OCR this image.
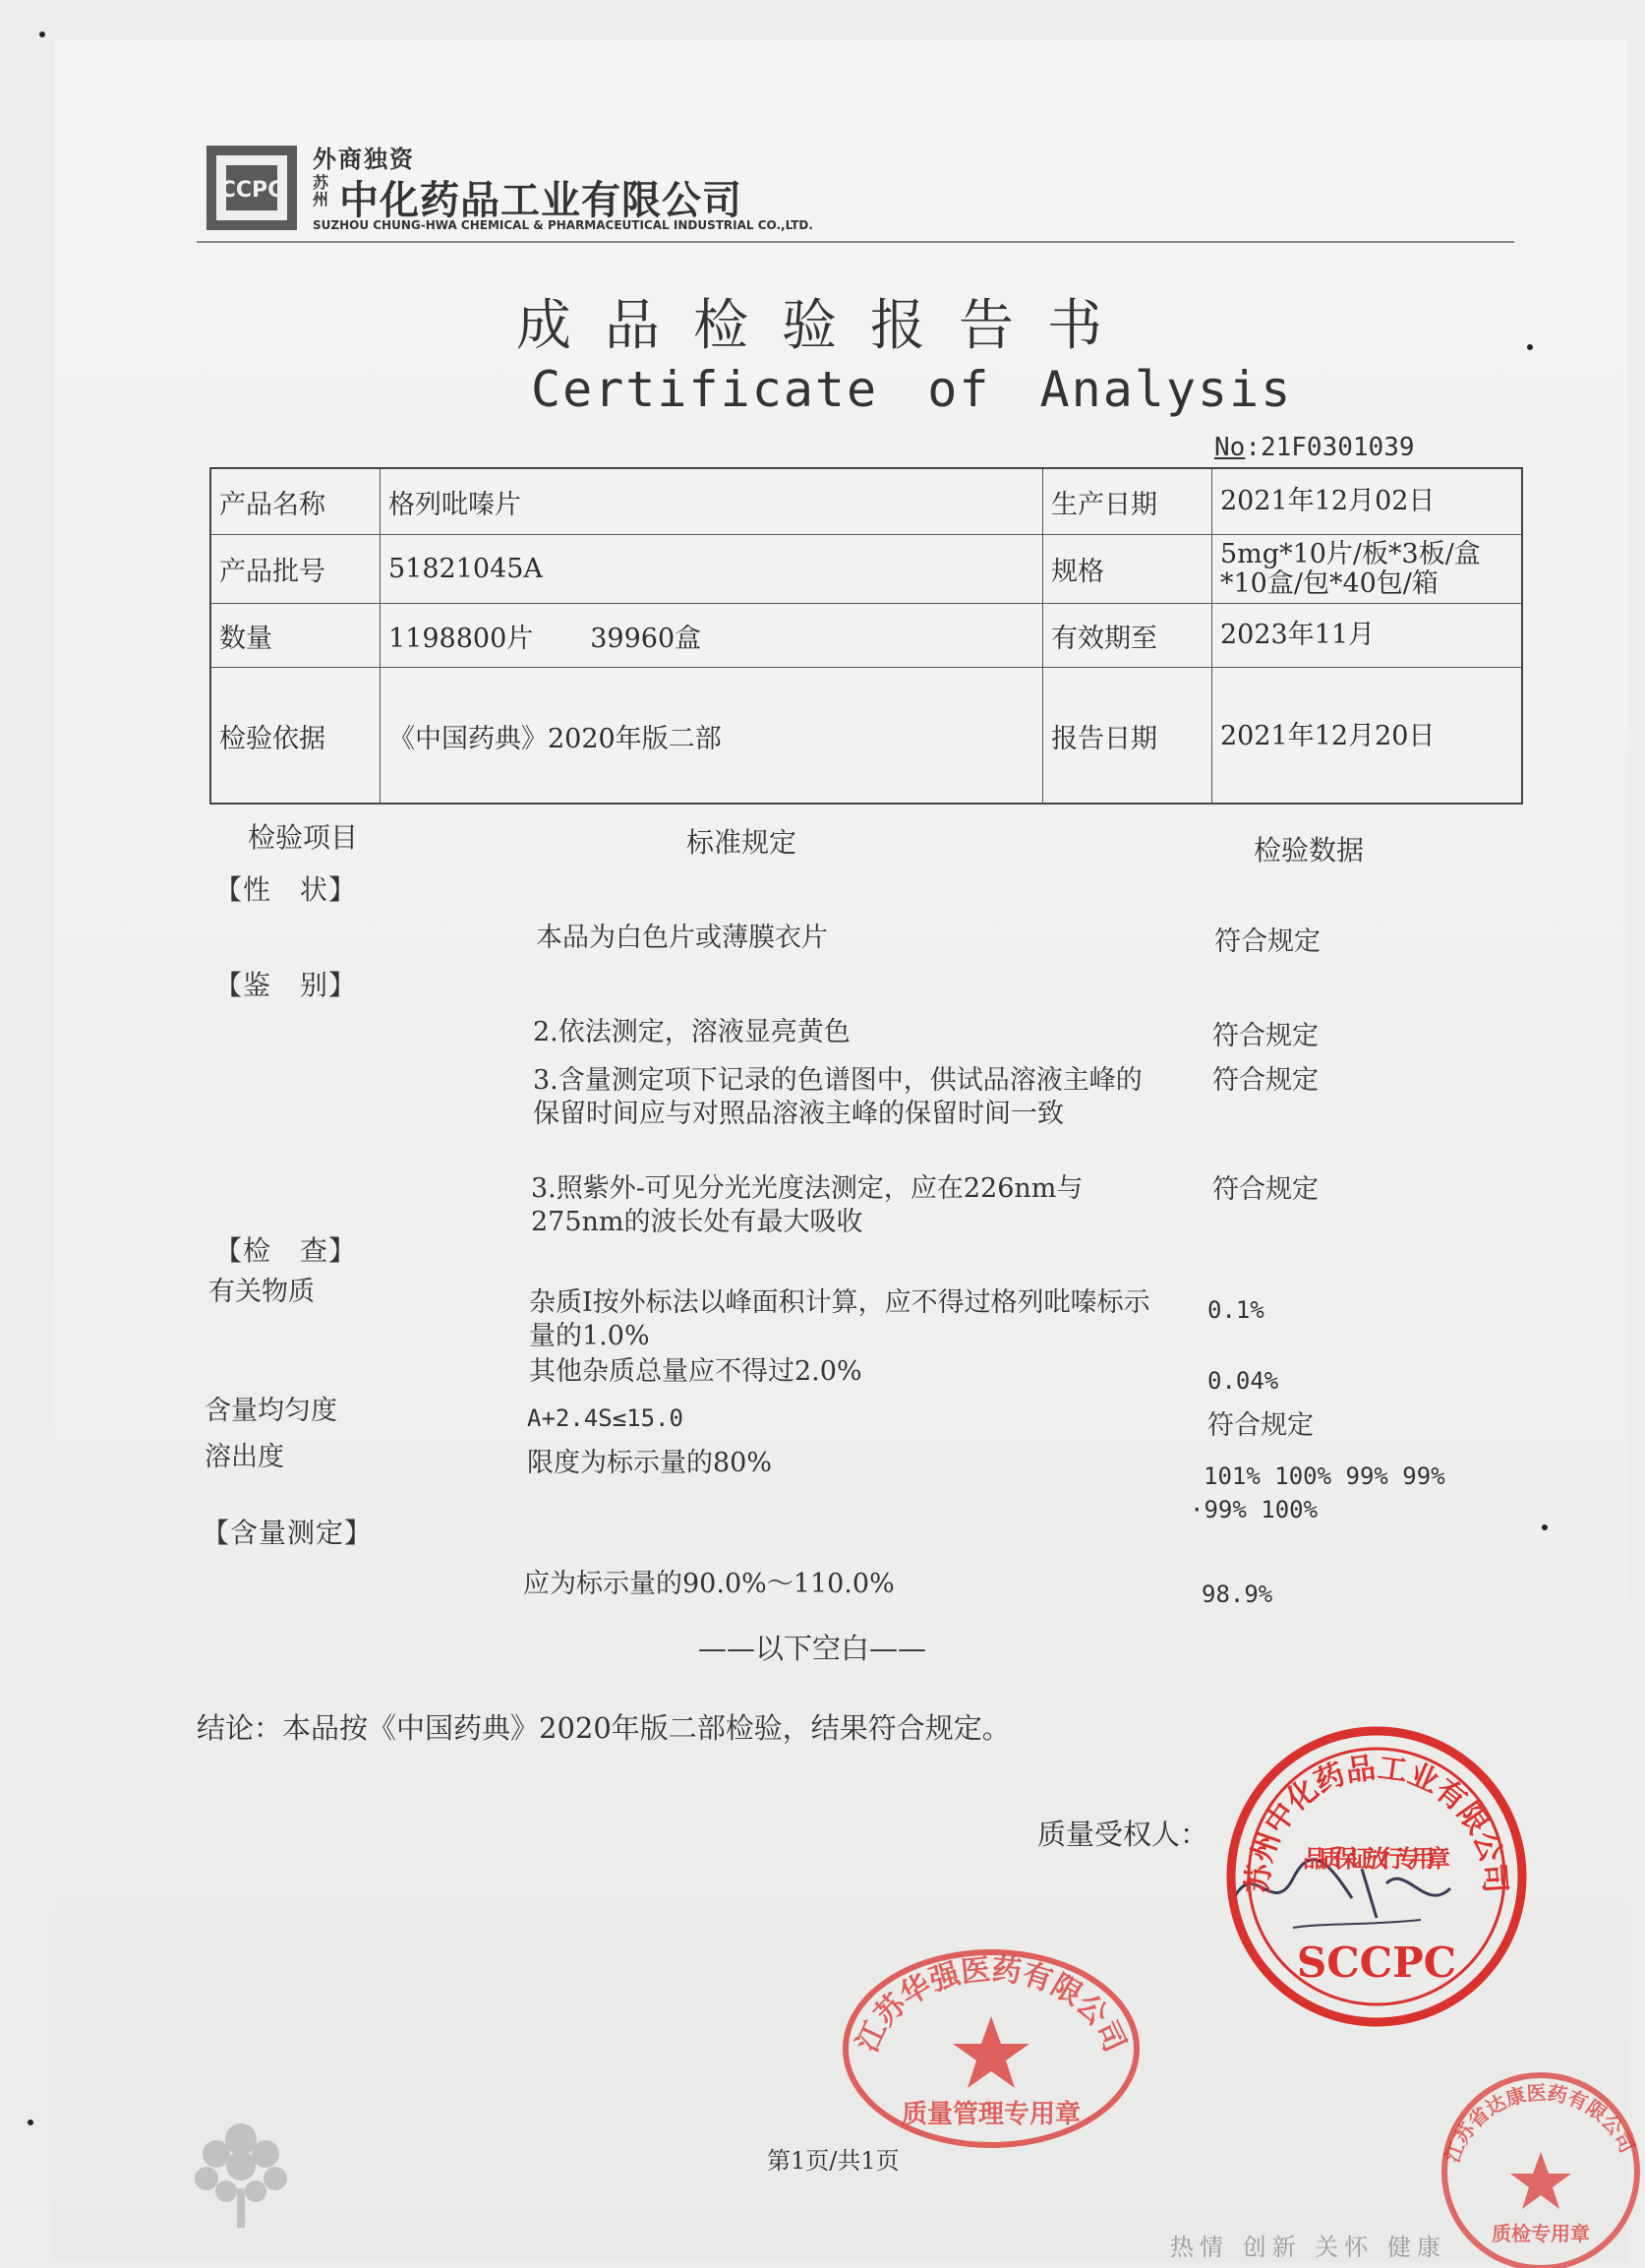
CCPC
外商独资
苏州 中化药品工业有限公司
SUZHOU CHUNG-HWA CHEMICAL & PHARMACEUTICAL INDUSTRIAL CO.,LTD.
成品检验报告书
Certificate of Analysis
No:21F0301039
产品名称	格列吡嗪片	生产日期	2021年12月02日
产品批号	51821045A	规格
5mg*10片/板*3板/盒*10盒/包*40包/箱
数量	1198800片 39960盒	有效期至	2023年11月
检验依据	《中国药典》2020年版二部	报告日期	2021年12月20日
检验项目	标准规定	检验数据
【性　状】
本品为白色片或薄膜衣片	符合规定
【鉴　别】
2.依法测定，溶液显亮黄色	符合规定
3.含量测定项下记录的色谱图中，供试品溶液主峰的保留时间应与对照品溶液主峰的保留时间一致
符合规定
3.照紫外-可见分光光度法测定，应在226nm与275nm的波长处有最大吸收
符合规定
【检　查】
有关物质	杂质Ⅰ按外标法以峰面积计算，应不得过格列吡嗪标示量的1.0%
0.1%
其他杂质总量应不得过2.0%	0.04%
含量均匀度	A+2.4S≤15.0	符合规定
溶出度	限度为标示量的80%	101% 100% 99% 99%
·99% 100%
【含量测定】
应为标示量的90.0%～110.0%	98.9%
——以下空白——
结论：本品按《中国药典》2020年版二部检验，结果符合规定。
质量受权人：
苏州中化药品工业有限公司
品质保证放行专用章
SCCPC
江苏华强医药有限公司
质量管理专用章
江苏省达康医药有限公司
质检专用章
第1页/共1页
热情 创新 关怀 健康
